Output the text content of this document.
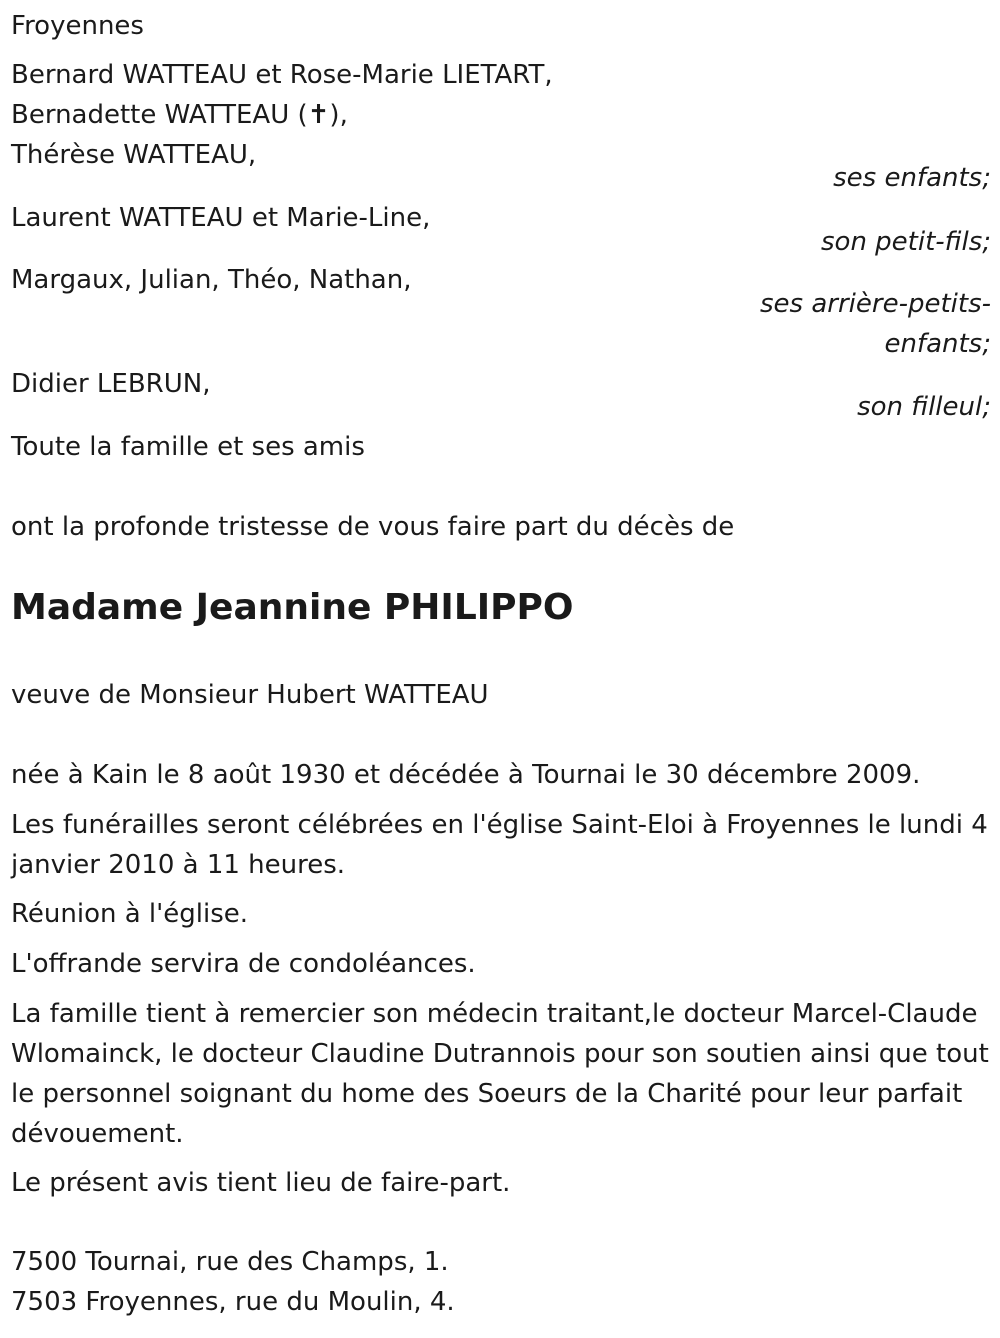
Froyennes
Bernard WATTEAU et Rose-Marie LIETART,
Bernadette WATTEAU (✝),
Thérèse WATTEAU,
ses enfants;
Laurent WATTEAU et Marie-Line,
son petit-fils;
Margaux, Julian, Théo, Nathan,
ses arrière-petits-
enfants;
Didier LEBRUN,
son filleul;
Toute la famille et ses amis
ont la profonde tristesse de vous faire part du décès de
Madame Jeannine PHILIPPO
veuve de Monsieur Hubert WATTEAU
née à Kain le 8 août 1930 et décédée à Tournai le 30 décembre 2009.
Les funérailles seront célébrées en l'église Saint-Eloi à Froyennes le lundi 4 janvier 2010 à 11 heures.
Réunion à l'église.
L'offrande servira de condoléances.
La famille tient à remercier son médecin traitant,le docteur Marcel-Claude Wlomainck, le docteur Claudine Dutrannois pour son soutien ainsi que tout le personnel soignant du home des Soeurs de la Charité pour leur parfait dévouement.
Le présent avis tient lieu de faire-part.
7500 Tournai, rue des Champs, 1.
7503 Froyennes, rue du Moulin, 4.
